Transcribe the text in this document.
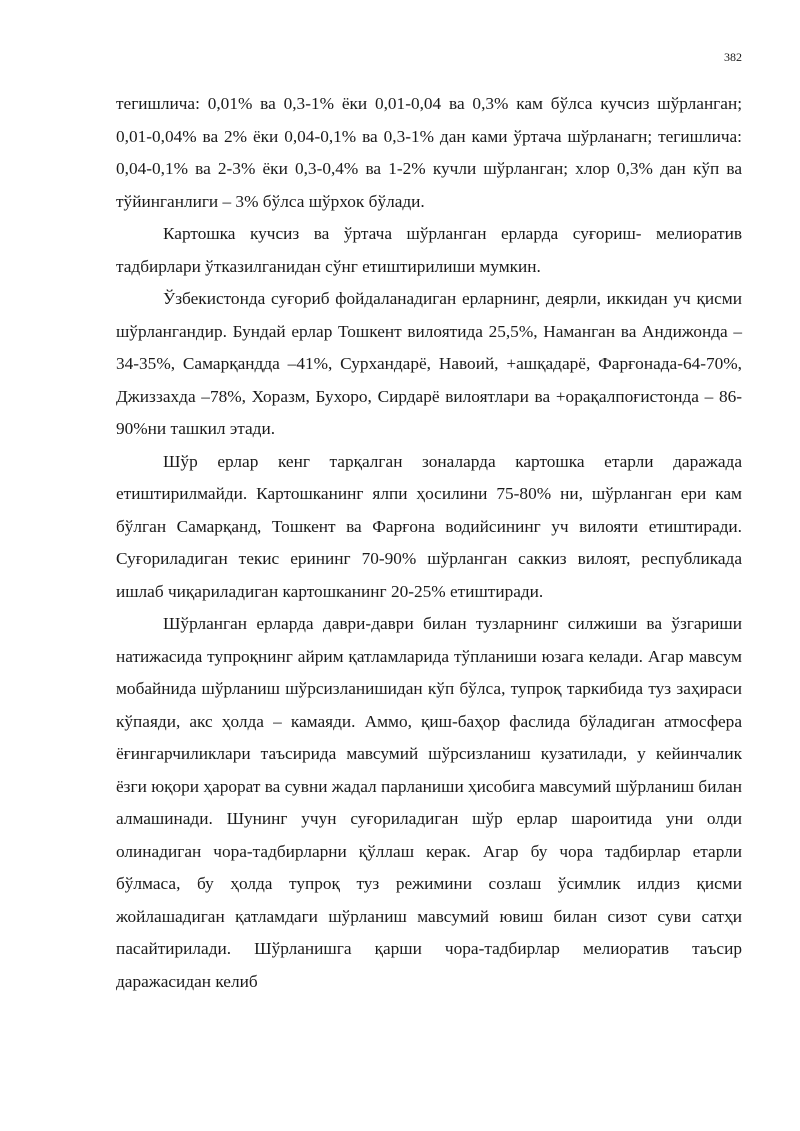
382

тегишлича: 0,01% ва 0,3-1% ёки 0,01-0,04 ва 0,3% кам бўлса кучсиз шўрланган; 0,01-0,04% ва 2% ёки 0,04-0,1% ва 0,3-1% дан ками ўртача шўрланагн; тегишлича: 0,04-0,1% ва 2-3% ёки 0,3-0,4% ва 1-2% кучли шўрланган; хлор 0,3% дан кўп ва тўйинганлиги – 3% бўлса шўрхок бўлади.

Картошка кучсиз ва ўртача шўрланган ерларда суғориш- мелиоратив тадбирлари ўтказилганидан сўнг етиштирилиши мумкин.

Ўзбекистонда суғориб фойдаланадиган ерларнинг, деярли, иккидан уч қисми шўрлангандир. Бундай ерлар Тошкент вилоятида 25,5%, Наманган ва Андижонда –34-35%, Самарқандда –41%, Сурхандарё, Навоий, +ашқадарё, Фарғонада-64-70%, Джиззахда –78%, Хоразм, Бухоро, Сирдарё вилоятлари ва +орақалпоғистонда – 86-90%ни ташкил этади.

Шўр ерлар кенг тарқалган зоналарда картошка етарли даражада етиштирилмайди. Картошканинг ялпи ҳосилини 75-80% ни, шўрланган ери кам бўлган Самарқанд, Тошкент ва Фарғона водийсининг уч вилояти етиштиради. Суғориладиган текис ерининг 70-90% шўрланган саккиз вилоят, республикада ишлаб чиқариладиган картошканинг 20-25% етиштиради.

Шўрланган ерларда даври-даври билан тузларнинг силжиши ва ўзгариши натижасида тупроқнинг айрим қатламларида тўпланиши юзага келади. Агар мавсум мобайнида шўрланиш шўрсизланишидан кўп бўлса, тупроқ таркибида туз заҳираси кўпаяди, акс ҳолда – камаяди. Аммо, қиш-баҳор фаслида бўладиган атмосфера ёғингарчиликлари таъсирида мавсумий шўрсизланиш кузатилади, у кейинчалик ёзги юқори ҳарорат ва сувни жадал парланиши ҳисобига мавсумий шўрланиш билан алмашинади. Шунинг учун суғориладиган шўр ерлар шароитида уни олди олинадиган чора-тадбирларни қўллаш керак. Агар бу чора тадбирлар етарли бўлмаса, бу ҳолда тупроқ туз режимини созлаш ўсимлик илдиз қисми жойлашадиган қатламдаги шўрланиш мавсумий ювиш билан сизот суви сатҳи пасайтирилади. Шўрланишга қарши чора-тадбирлар мелиоратив таъсир даражасидан келиб
